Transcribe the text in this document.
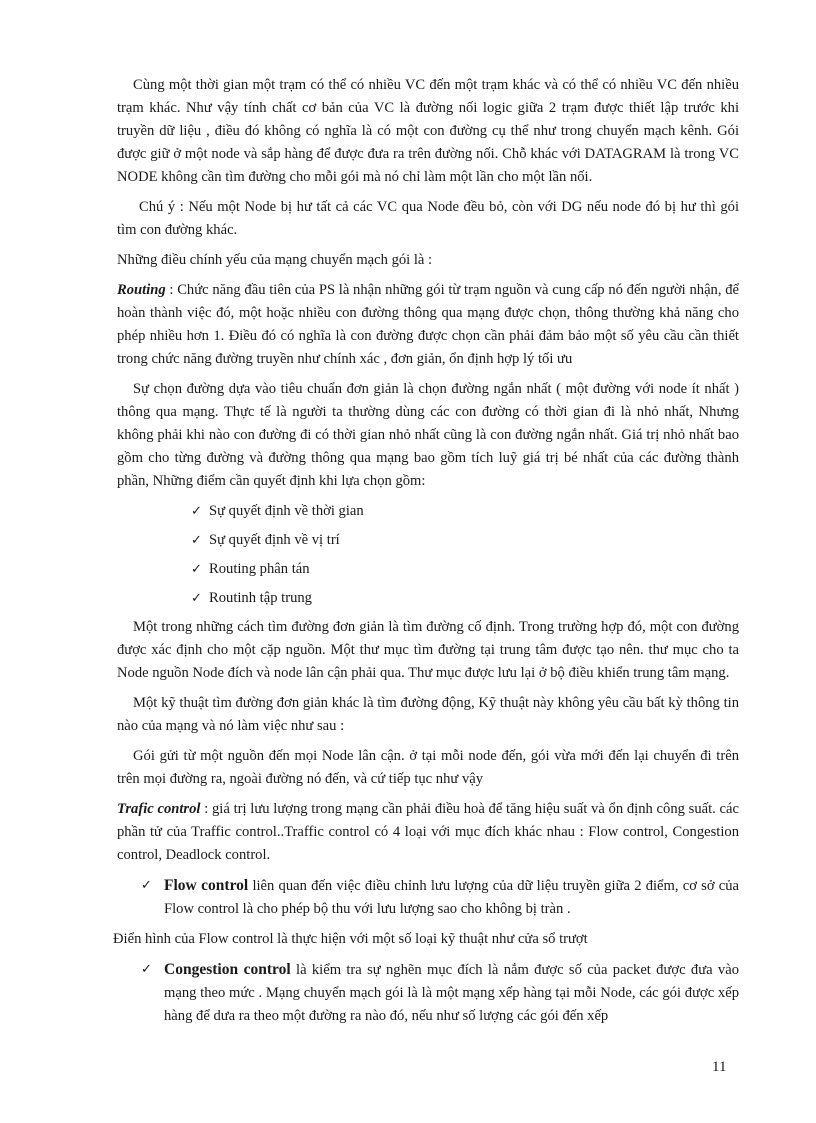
Cùng một thời gian một trạm có thể có nhiều VC đến một trạm khác và có thể có nhiều VC đến nhiều trạm khác. Như vậy tính chất cơ bản của VC là đường nối logic giữa 2 trạm được thiết lập trước khi truyền dữ liệu , điều đó không có nghĩa là có một con đường cụ thể như trong chuyển mạch kênh. Gói được giữ ở một node và sắp hàng để được đưa ra trên đường nối. Chỗ khác với DATAGRAM là trong VC NODE không cần tìm đường cho mỗi gói mà nó chỉ làm một lần cho một lần nối.

Chú ý : Nếu một Node bị hư tất cả các VC qua Node đều bỏ, còn với DG nếu node đó bị hư thì gói tìm con đường khác.

Những điều chính yếu của mạng chuyển mạch gói là :

Routing : Chức năng đầu tiên của PS là nhận những gói từ trạm nguồn và cung cấp nó đến người nhận, để hoàn thành việc đó, một hoặc nhiều con đường thông qua mạng được chọn, thông thường khả năng cho phép nhiều hơn 1. Điều đó có nghĩa là con đường được chọn cần phải đảm bảo một số yêu cầu cần thiết trong chức năng đường truyền như chính xác , đơn giản, ổn định hợp lý tối ưu

Sự chọn đường dựa vào tiêu chuẩn đơn giản là chọn đường ngắn nhất ( một đường với node ít nhất ) thông qua mạng. Thực tế là người ta thường dùng các con đường có thời gian đi là nhỏ nhất, Nhưng không phải khi nào con đường đi có thời gian nhỏ nhất cũng là con đường ngắn nhất. Giá trị nhỏ nhất bao gồm cho từng đường và đường thông qua mạng bao gồm tích luỹ giá trị bé nhất của các đường thành phần, Những điểm cần quyết định khi lựa chọn gồm:

✓ Sự quyết định về thời gian
✓ Sự quyết định về vị trí
✓ Routing phân tán
✓ Routinh tập trung

Một trong những cách tìm đường đơn giản là tìm đường cố định. Trong trường hợp đó, một con đường được xác định cho một cặp nguồn. Một thư mục tìm đường tại trung tâm được tạo nên. thư mục cho ta Node nguồn Node đích và node lân cận phải qua. Thư mục được lưu lại ở bộ điều khiển trung tâm mạng.

Một kỹ thuật tìm đường đơn giản khác là tìm đường động, Kỹ thuật này không yêu cầu bất kỳ thông tin nào của mạng và nó làm việc như sau :

Gói gửi từ một nguồn đến mọi Node lân cận. ở tại mỗi node đến, gói vừa mới đến lại chuyển đi trên trên mọi đường ra, ngoài đường nó đến, và cứ tiếp tục như vậy

Trafic control : giá trị lưu lượng trong mạng cần phải điều hoà để tăng hiệu suất và ổn định công suất. các phần tử của Traffic control..Traffic control có 4 loại với mục đích khác nhau : Flow control, Congestion control, Deadlock control.

✓ Flow control liên quan đến việc điều chỉnh lưu lượng của dữ liệu truyền giữa 2 điểm, cơ sở của Flow control là cho phép bộ thu với lưu lượng sao cho không bị tràn .

Điển hình của Flow control là thực hiện với một số loại kỹ thuật như cửa sổ trượt

✓ Congestion control là kiểm tra sự nghẽn mục đích là nắm được số của packet được đưa vào mạng theo mức . Mạng chuyển mạch gói là là một mạng xếp hàng tại mỗi Node, các gói được xếp hàng để dưa ra theo một đường ra nào đó, nếu như số lượng các gói đến xếp
11
